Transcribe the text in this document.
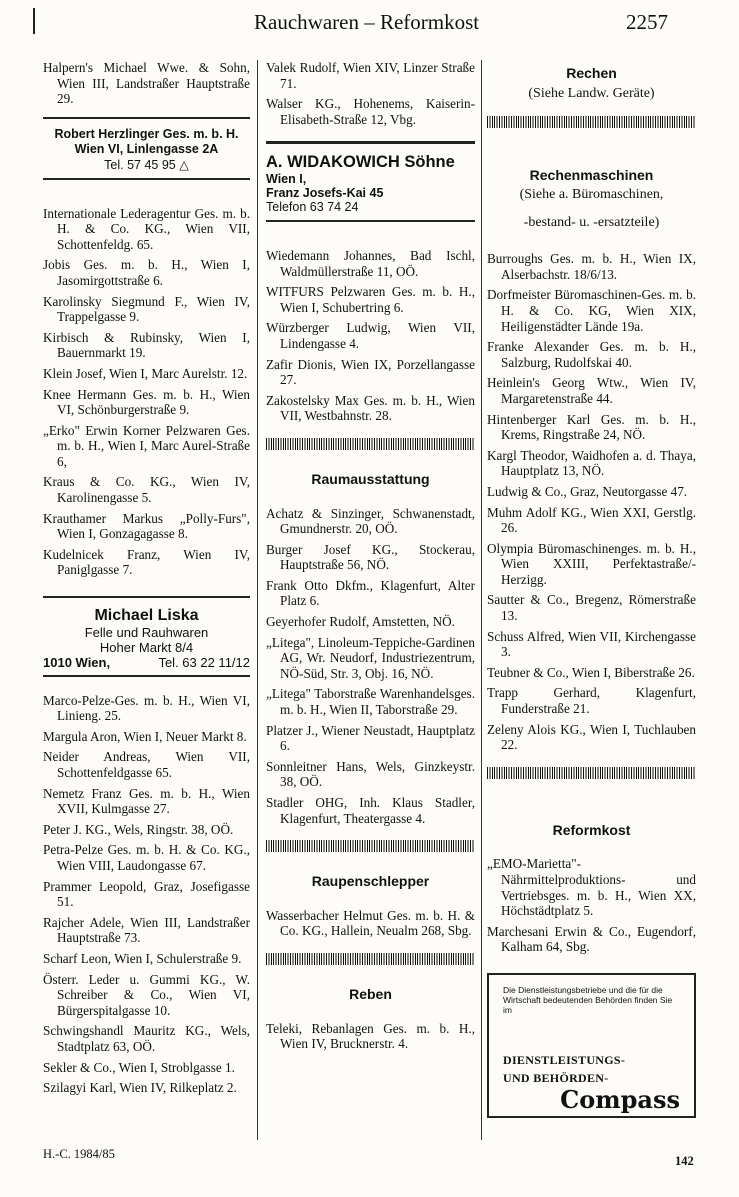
Rauchwaren – Reformkost	2257
Halpern's Michael Wwe. & Sohn, Wien III, Landstraßer Hauptstraße 29.
Robert Herzlinger Ges. m. b. H.
Wien VI, Linlengasse 2A
Tel. 57 45 95 △
Internationale Lederagentur Ges. m. b. H. & Co. KG., Wien VII, Schottenfeldg. 65.
Jobis Ges. m. b. H., Wien I, Jasomirgottstraße 6.
Karolinsky Siegmund F., Wien IV, Trappelgasse 9.
Kirbisch & Rubinsky, Wien I, Bauernmarkt 19.
Klein Josef, Wien I, Marc Aurelstr. 12.
Knee Hermann Ges. m. b. H., Wien VI, Schönburgerstraße 9.
„Erko" Erwin Korner Pelzwaren Ges. m. b. H., Wien I, Marc Aurel-Straße 6,
Kraus & Co. KG., Wien IV, Karolinengasse 5.
Krauthamer Markus „Polly-Furs", Wien I, Gonzagagasse 8.
Kudelnicek Franz, Wien IV, Paniglgasse 7.
Michael Liska
Felle und Rauhwaren
Hoher Markt 8/4
1010 Wien,	Tel. 63 22 11/12
Marco-Pelze-Ges. m. b. H., Wien VI, Linieng. 25.
Margula Aron, Wien I, Neuer Markt 8.
Neider Andreas, Wien VII, Schottenfeldgasse 65.
Nemetz Franz Ges. m. b. H., Wien XVII, Kulmgasse 27.
Peter J. KG., Wels, Ringstr. 38, OÖ.
Petra-Pelze Ges. m. b. H. & Co. KG., Wien VIII, Laudongasse 67.
Prammer Leopold, Graz, Josefigasse 51.
Rajcher Adele, Wien III, Landstraßer Hauptstraße 73.
Scharf Leon, Wien I, Schulerstraße 9.
Österr. Leder u. Gummi KG., W. Schreiber & Co., Wien VI, Bürgerspitalgasse 10.
Schwingshandl Mauritz KG., Wels, Stadtplatz 63, OÖ.
Sekler & Co., Wien I, Stroblgasse 1.
Szilagyi Karl, Wien IV, Rilkeplatz 2.
Valek Rudolf, Wien XIV, Linzer Straße 71.
Walser KG., Hohenems, Kaiserin-Elisabeth-Straße 12, Vbg.
A. WIDAKOWICH Söhne
Wien I,
Franz Josefs-Kai 45
Telefon 63 74 24
Wiedemann Johannes, Bad Ischl, Waldmüllerstraße 11, OÖ.
WITFURS Pelzwaren Ges. m. b. H., Wien I, Schubertring 6.
Würzberger Ludwig, Wien VII, Lindengasse 4.
Zafir Dionis, Wien IX, Porzellangasse 27.
Zakostelsky Max Ges. m. b. H., Wien VII, Westbahnstr. 28.
Raumausstattung
Achatz & Sinzinger, Schwanenstadt, Gmundnerstr. 20, OÖ.
Burger Josef KG., Stockerau, Hauptstraße 56, NÖ.
Frank Otto Dkfm., Klagenfurt, Alter Platz 6.
Geyerhofer Rudolf, Amstetten, NÖ.
„Litega", Linoleum-Teppiche-Gardinen AG, Wr. Neudorf, Industriezentrum, NÖ-Süd, Str. 3, Obj. 16, NÖ.
„Litega" Taborstraße Warenhandelsges. m. b. H., Wien II, Taborstraße 29.
Platzer J., Wiener Neustadt, Hauptplatz 6.
Sonnleitner Hans, Wels, Ginzkeystr. 38, OÖ.
Stadler OHG, Inh. Klaus Stadler, Klagenfurt, Theatergasse 4.
Raupenschlepper
Wasserbacher Helmut Ges. m. b. H. & Co. KG., Hallein, Neualm 268, Sbg.
Reben
Teleki, Rebanlagen Ges. m. b. H., Wien IV, Brucknerstr. 4.
Rechen
(Siehe Landw. Geräte)
Rechenmaschinen
(Siehe a. Büromaschinen,
-bestand- u. -ersatzteile)
Burroughs Ges. m. b. H., Wien IX, Alserbachstr. 18/6/13.
Dorfmeister Büromaschinen-Ges. m. b. H. & Co. KG, Wien XIX, Heiligenstädter Lände 19a.
Franke Alexander Ges. m. b. H., Salzburg, Rudolfskai 40.
Heinlein's Georg Wtw., Wien IV, Margaretenstraße 44.
Hintenberger Karl Ges. m. b. H., Krems, Ringstraße 24, NÖ.
Kargl Theodor, Waidhofen a. d. Thaya, Hauptplatz 13, NÖ.
Ludwig & Co., Graz, Neutorgasse 47.
Muhm Adolf KG., Wien XXI, Gerstlg. 26.
Olympia Büromaschinenges. m. b. H., Wien XXIII, Perfektastraße/-Herzigg.
Sautter & Co., Bregenz, Römerstraße 13.
Schuss Alfred, Wien VII, Kirchengasse 3.
Teubner & Co., Wien I, Biberstraße 26.
Trapp Gerhard, Klagenfurt, Funderstraße 21.
Zeleny Alois KG., Wien I, Tuchlauben 22.
Reformkost
„EMO-Marietta"-Nährmittelproduktions- und Vertriebsges. m. b. H., Wien XX, Höchstädtplatz 5.
Marchesani Erwin & Co., Eugendorf, Kalham 64, Sbg.
Die Dienstleistungsbetriebe und die für die Wirtschaft bedeutenden Behörden finden Sie im
DIENSTLEISTUNGS-
UND BEHÖRDEN-
Compass
H.-C. 1984/85	142
